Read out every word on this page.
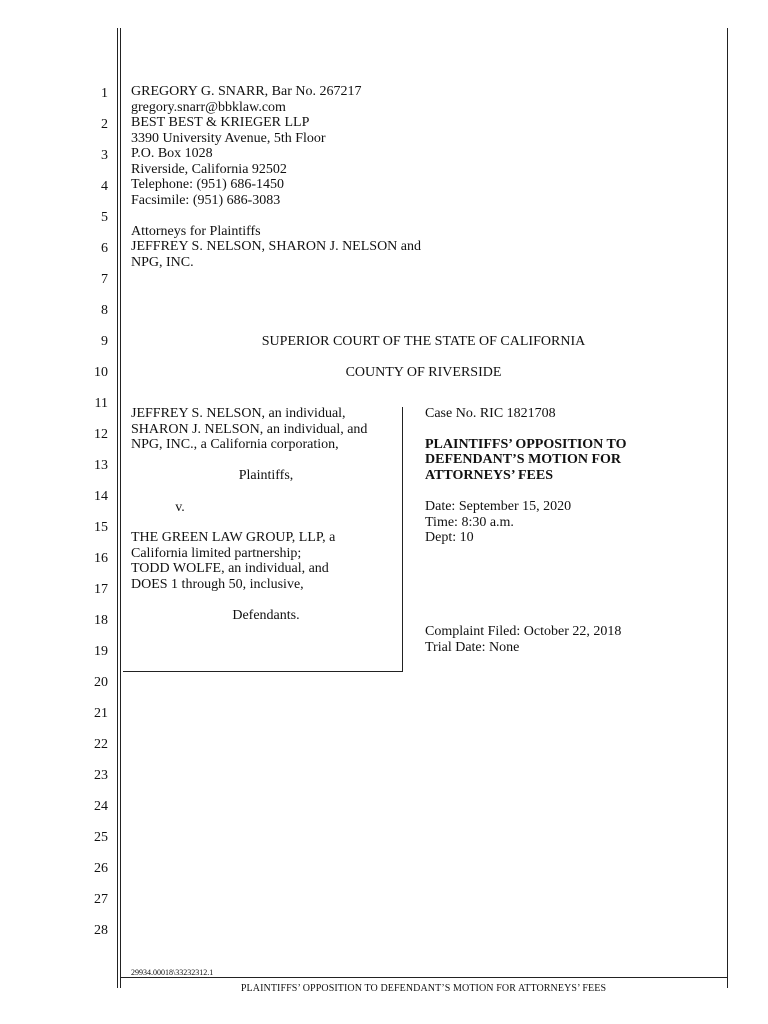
1
2
3
4
5
6
7
8
9
10
11
12
13
14
15
16
17
18
19
20
21
22
23
24
25
26
27
28
GREGORY G. SNARR, Bar No. 267217
gregory.snarr@bbklaw.com
BEST BEST & KRIEGER LLP
3390 University Avenue, 5th Floor
P.O. Box 1028
Riverside, California 92502
Telephone: (951) 686-1450
Facsimile: (951) 686-3083
Attorneys for Plaintiffs
JEFFREY S. NELSON, SHARON J. NELSON and
NPG, INC.
SUPERIOR COURT OF THE STATE OF CALIFORNIA
COUNTY OF RIVERSIDE
JEFFREY S. NELSON, an individual,
SHARON J. NELSON, an individual, and
NPG, INC., a California corporation,
Plaintiffs,
v.
THE GREEN LAW GROUP, LLP, a
California limited partnership;
TODD WOLFE, an individual, and
DOES 1 through 50, inclusive,
Defendants.
Case No. RIC 1821708
PLAINTIFFS’ OPPOSITION TO
DEFENDANT’S MOTION FOR
ATTORNEYS’ FEES
Date: September 15, 2020
Time: 8:30 a.m.
Dept: 10
Complaint Filed: October 22, 2018
Trial Date: None
29934.00018\33232312.1
PLAINTIFFS’ OPPOSITION TO DEFENDANT’S MOTION FOR ATTORNEYS’ FEES
